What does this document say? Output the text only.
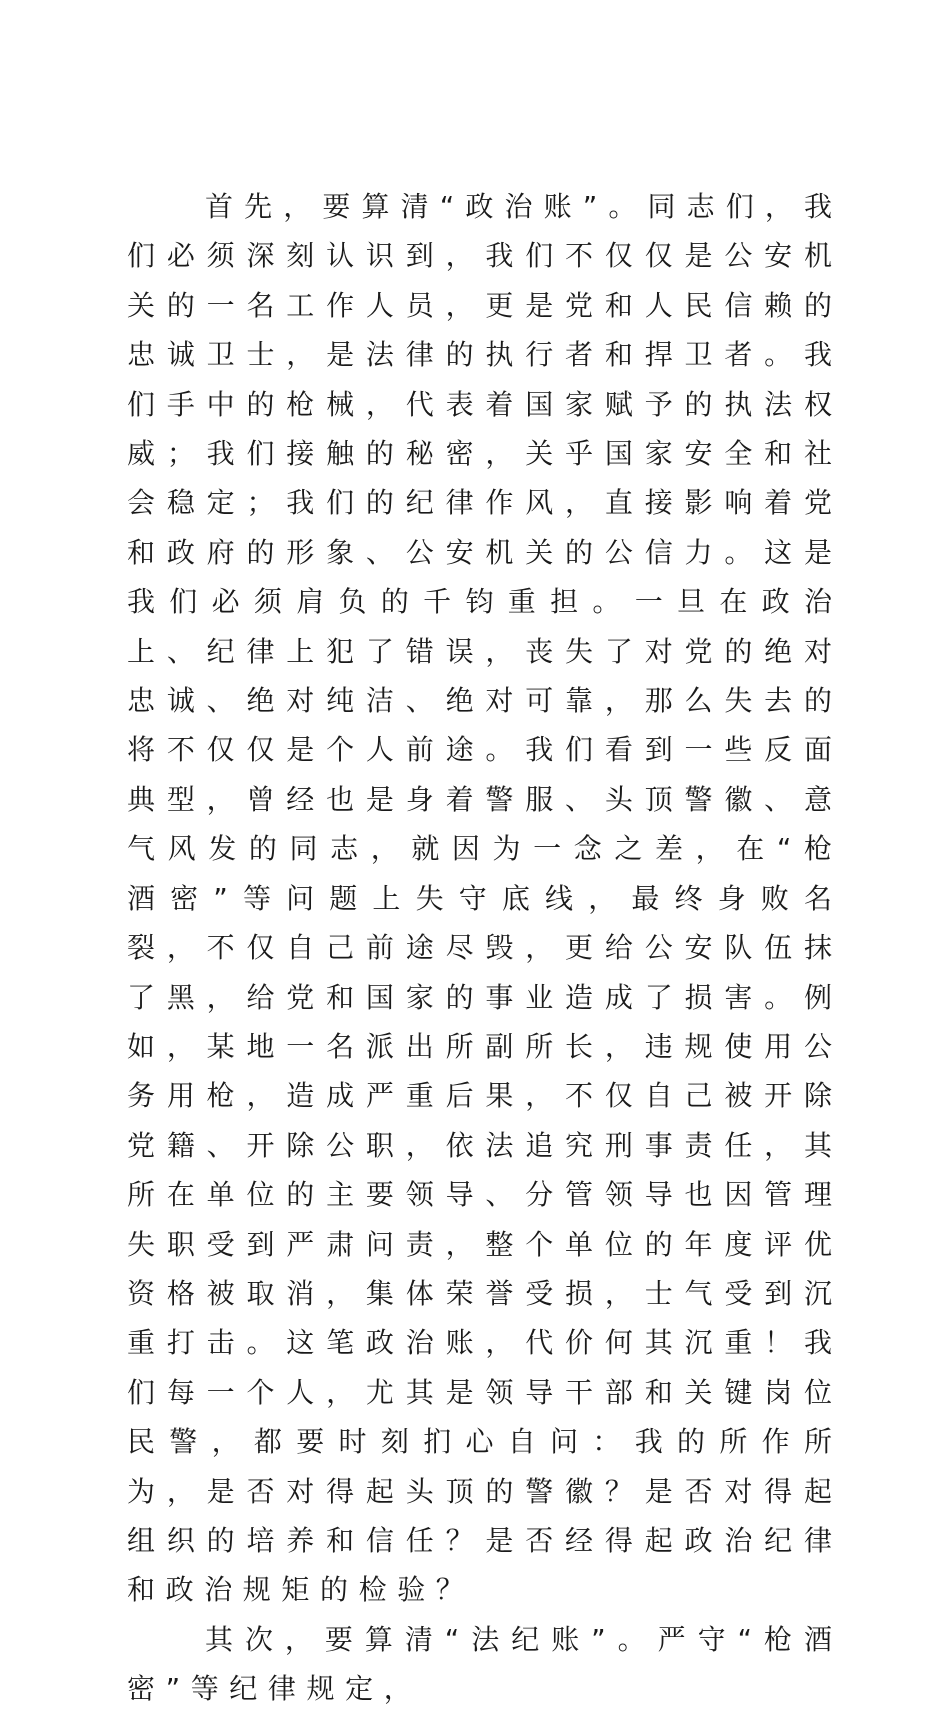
首先，要算清“政治账”。同志们，我们必须深刻认识到，我们不仅仅是公安机关的一名工作人员，更是党和人民信赖的忠诚卫士，是法律的执行者和捍卫者。我们手中的枪械，代表着国家赋予的执法权威；我们接触的秘密，关乎国家安全和社会稳定；我们的纪律作风，直接影响着党和政府的形象、公安机关的公信力。这是我们必须肩负的千钧重担。一旦在政治上、纪律上犯了错误，丧失了对党的绝对忠诚、绝对纯洁、绝对可靠，那么失去的将不仅仅是个人前途。我们看到一些反面典型，曾经也是身着警服、头顶警徽、意气风发的同志，就因为一念之差，在“枪酒密”等问题上失守底线，最终身败名裂，不仅自己前途尽毁，更给公安队伍抹了黑，给党和国家的事业造成了损害。例如，某地一名派出所副所长，违规使用公务用枪，造成严重后果，不仅自己被开除党籍、开除公职，依法追究刑事责任，其所在单位的主要领导、分管领导也因管理失职受到严肃问责，整个单位的年度评优资格被取消，集体荣誉受损，士气受到沉重打击。这笔政治账，代价何其沉重！我们每一个人，尤其是领导干部和关键岗位民警，都要时刻扪心自问：我的所作所为，是否对得起头顶的警徽？是否对得起组织的培养和信任？是否经得起政治纪律和政治规矩的检验？

其次，要算清“法纪账”。严守“枪酒密”等纪律规定，
